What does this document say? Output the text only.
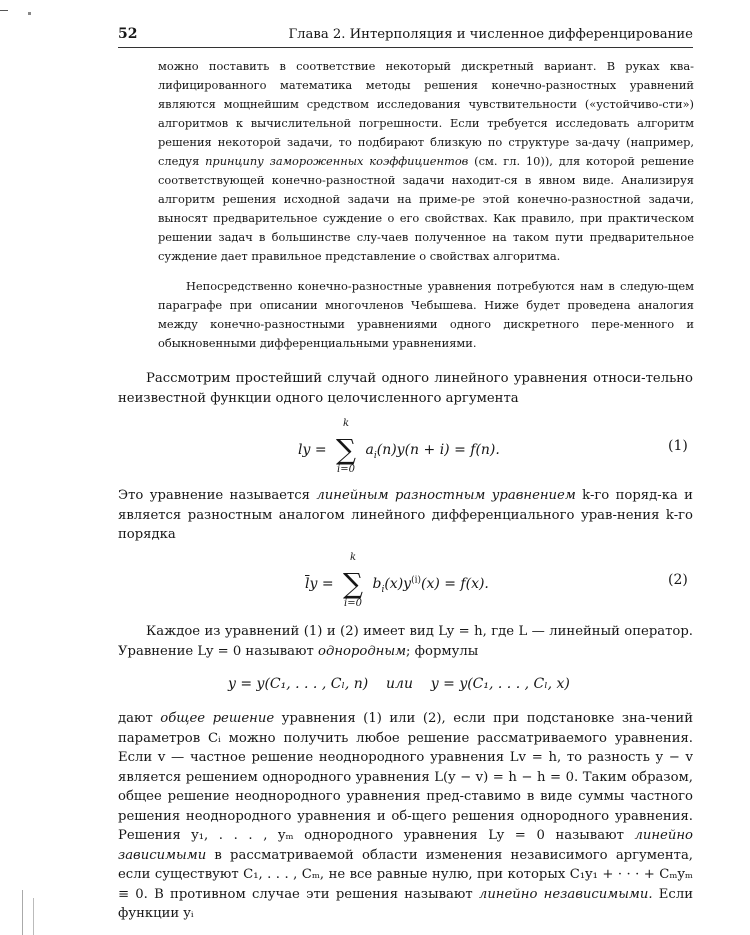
52	Глава 2. Интерполяция и численное дифференцирование

можно поставить в соответствие некоторый дискретный вариант. В руках ква-лифицированного математика методы решения конечно-разностных уравнений являются мощнейшим средством исследования чувствительности («устойчиво-сти») алгоритмов к вычислительной погрешности. Если требуется исследовать алгоритм решения некоторой задачи, то подбирают близкую по структуре за-дачу (например, следуя принципу замороженных коэффициентов (см. гл. 10)), для которой решение соответствующей конечно-разностной задачи находит-ся в явном виде. Анализируя алгоритм решения исходной задачи на приме-ре этой конечно-разностной задачи, выносят предварительное суждение о его свойствах. Как правило, при практическом решении задач в большинстве слу-чаев полученное на таком пути предварительное суждение дает правильное представление о свойствах алгоритма.

Непосредственно конечно-разностные уравнения потребуются нам в следую-щем параграфе при описании многочленов Чебышева. Ниже будет проведена аналогия между конечно-разностными уравнениями одного дискретного пере-менного и обыкновенными дифференциальными уравнениями.

Рассмотрим простейший случай одного линейного уравнения относи-тельно неизвестной функции одного целочисленного аргумента

ly =
k
∑
i=0
$a_i(n)y(n + i) = f(n)$.	(1)

Это уравнение называется линейным разностным уравнением k-го поряд-ка и является разностным аналогом линейного дифференциального урав-нения k-го порядка

$\overline{l}y$ =
k
∑
i=0
$b_i(x)y^{(i)}(x) = f(x)$.	(2)

Каждое из уравнений (1) и (2) имеет вид Ly = h, где L — линейный оператор. Уравнение Ly = 0 называют однородным; формулы

y = y(C₁, . . . , Cₗ, n)    или    y = y(C₁, . . . , Cₗ, x)

дают общее решение уравнения (1) или (2), если при подстановке зна-чений параметров Cᵢ можно получить любое решение рассматриваемого уравнения. Если v — частное решение неоднородного уравнения Lv = h, то разность y − v является решением однородного уравнения L(y − v) = h − h = 0. Таким образом, общее решение неоднородного уравнения пред-ставимо в виде суммы частного решения неоднородного уравнения и об-щего решения однородного уравнения. Решения y₁, . . . , yₘ однородного уравнения Ly = 0 называют линейно зависимыми в рассматриваемой области изменения независимого аргумента, если существуют C₁, . . . , Cₘ, не все равные нулю, при которых C₁y₁ + · · · + Cₘyₘ ≡ 0. В противном случае эти решения называют линейно независимыми. Если функции yᵢ
